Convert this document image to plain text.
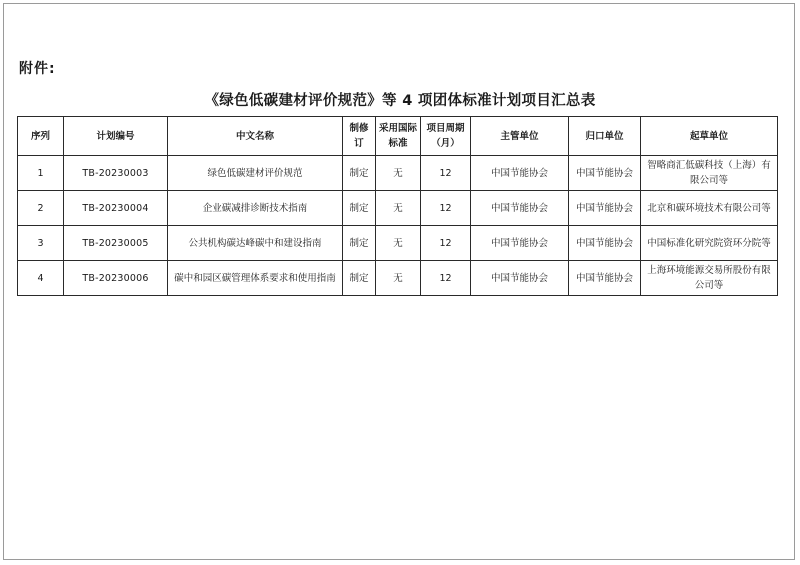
附件:
《绿色低碳建材评价规范》等 4 项团体标准计划项目汇总表
序列	计划编号	中文名称	制修订	采用国际标准	项目周期（月）	主管单位	归口单位	起草单位
1	TB-20230003	绿色低碳建材评价规范	制定	无	12	中国节能协会	中国节能协会	智略商汇低碳科技（上海）有限公司等
2	TB-20230004	企业碳减排诊断技术指南	制定	无	12	中国节能协会	中国节能协会	北京和碳环境技术有限公司等
3	TB-20230005	公共机构碳达峰碳中和建设指南	制定	无	12	中国节能协会	中国节能协会	中国标准化研究院资环分院等
4	TB-20230006	碳中和园区碳管理体系要求和使用指南	制定	无	12	中国节能协会	中国节能协会	上海环境能源交易所股份有限公司等
